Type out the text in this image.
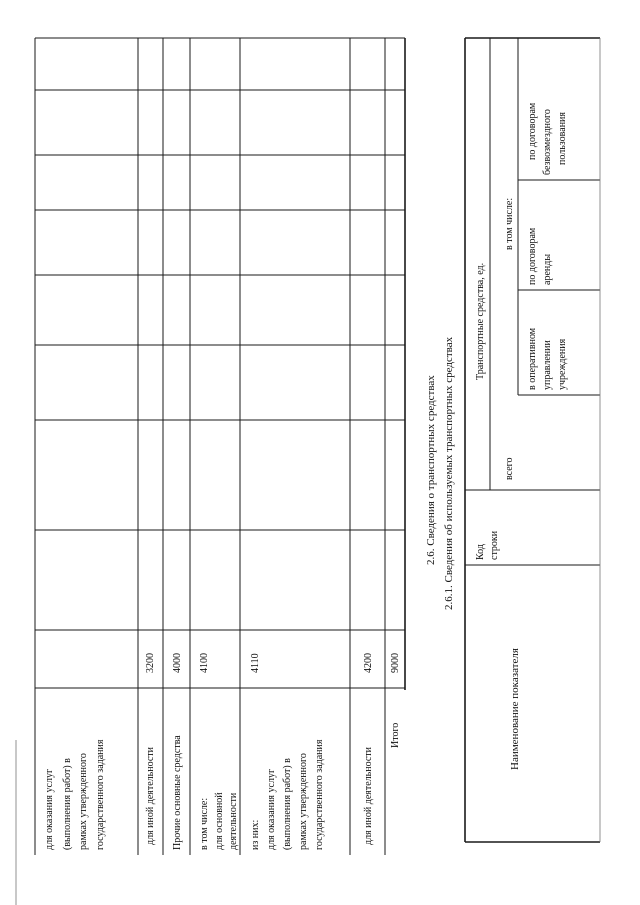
для оказания услуг (выполнения работ) в рамках утвержденного государственного задания	для иной деятельности
3200
Прочие основные средства
4000
в том числе: для основной деятельности
4100
из них: для оказания услуг (выполнения работ) в рамках утвержденного государственного задания
4110
для иной деятельности
4200
Итого
9000
2.6. Сведения о транспортных средствах 2.6.1. Сведения об используемых транспортных средствах
Наименование показателя
Код строки
Транспортные средства, ед.
всего
в том числе:
в оперативном управлении учреждения
по договорам аренды
по договорам безвозмездного пользования
